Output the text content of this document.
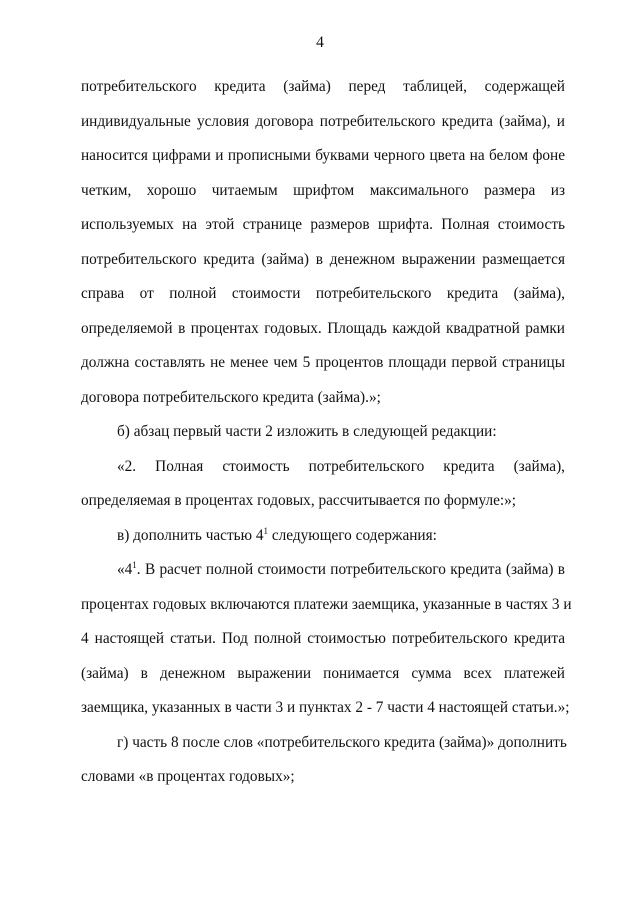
4
потребительского кредита (займа) перед таблицей, содержащей
индивидуальные условия договора потребительского кредита (займа), и
наносится цифрами и прописными буквами черного цвета на белом фоне
четким, хорошо читаемым шрифтом максимального размера из
используемых на этой странице размеров шрифта. Полная стоимость
потребительского кредита (займа) в денежном выражении размещается
справа от полной стоимости потребительского кредита (займа),
определяемой в процентах годовых. Площадь каждой квадратной рамки
должна составлять не менее чем 5 процентов площади первой страницы
договора потребительского кредита (займа).»;
б) абзац первый части 2 изложить в следующей редакции:
«2. Полная стоимость потребительского кредита (займа),
определяемая в процентах годовых, рассчитывается по формуле:»;
в) дополнить частью $4^1$ следующего содержания:
«$4^1$. В расчет полной стоимости потребительского кредита (займа) в
процентах годовых включаются платежи заемщика, указанные в частях 3 и
4 настоящей статьи. Под полной стоимостью потребительского кредита
(займа) в денежном выражении понимается сумма всех платежей
заемщика, указанных в части 3 и пунктах 2 - 7 части 4 настоящей статьи.»;
г) часть 8 после слов «потребительского кредита (займа)» дополнить
словами «в процентах годовых»;
